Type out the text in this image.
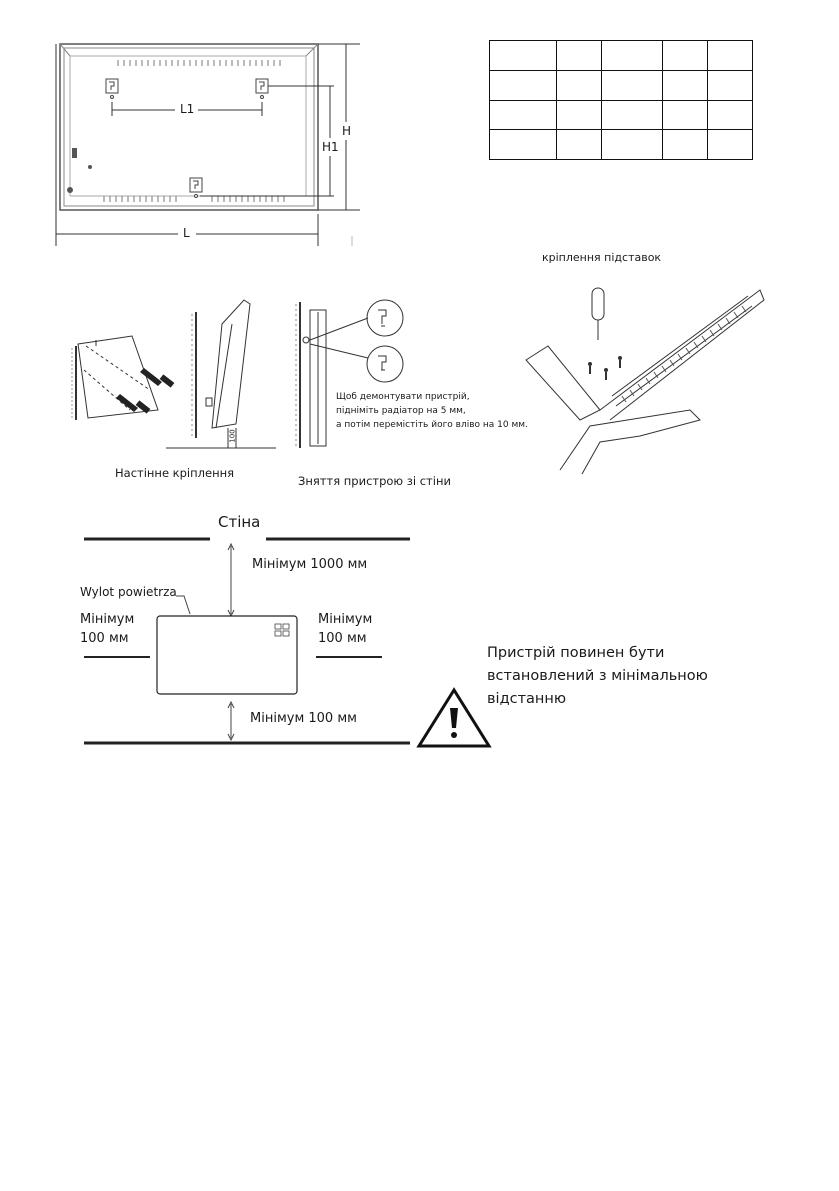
L1
L
H
H1

100
Настінне кріплення
Зняття пристрою зі стіни
Щоб демонтувати пристрій,
підніміть радіатор на 5 мм,
а потім перемістіть його вліво на 10 мм.
кріплення підставок
Стіна
Мінімум 1000 мм
Wylot powietrza
Мінімум
100 мм
Мінімум
100 мм
Мінімум 100 мм
Пристрій повинен бути
встановлений з мінімальною
відстанню
